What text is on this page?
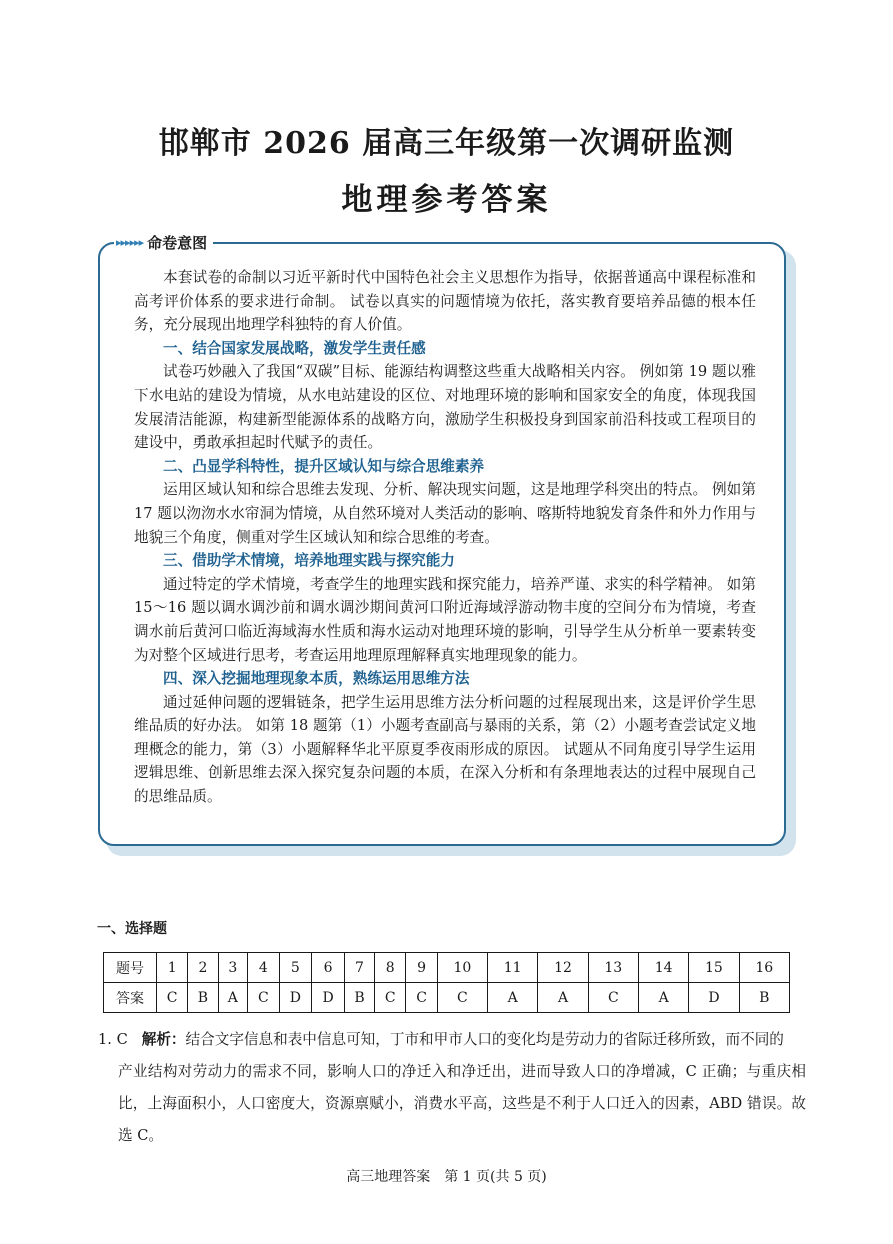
邯郸市 2026 届高三年级第一次调研监测
地理参考答案
▸▸▸▸▸▸ 命卷意图

本套试卷的命制以习近平新时代中国特色社会主义思想作为指导，依据普通高中课程标准和高考评价体系的要求进行命制。 试卷以真实的问题情境为依托，落实教育要培养品德的根本任务，充分展现出地理学科独特的育人价值。

一、结合国家发展战略，激发学生责任感

试卷巧妙融入了我国“双碳”目标、能源结构调整这些重大战略相关内容。 例如第 19 题以雅下水电站的建设为情境，从水电站建设的区位、对地理环境的影响和国家安全的角度，体现我国发展清洁能源，构建新型能源体系的战略方向，激励学生积极投身到国家前沿科技或工程项目的建设中，勇敢承担起时代赋予的责任。

二、凸显学科特性，提升区域认知与综合思维素养

运用区域认知和综合思维去发现、分析、解决现实问题，这是地理学科突出的特点。 例如第 17 题以沕沕水水帘洞为情境，从自然环境对人类活动的影响、喀斯特地貌发育条件和外力作用与地貌三个角度，侧重对学生区域认知和综合思维的考查。

三、借助学术情境，培养地理实践与探究能力

通过特定的学术情境，考查学生的地理实践和探究能力，培养严谨、求实的科学精神。 如第 15～16 题以调水调沙前和调水调沙期间黄河口附近海域浮游动物丰度的空间分布为情境，考查调水前后黄河口临近海域海水性质和海水运动对地理环境的影响，引导学生从分析单一要素转变为对整个区域进行思考，考查运用地理原理解释真实地理现象的能力。

四、深入挖掘地理现象本质，熟练运用思维方法

通过延伸问题的逻辑链条，把学生运用思维方法分析问题的过程展现出来，这是评价学生思维品质的好办法。 如第 18 题第（1）小题考查副高与暴雨的关系，第（2）小题考查尝试定义地理概念的能力，第（3）小题解释华北平原夏季夜雨形成的原因。 试题从不同角度引导学生运用逻辑思维、创新思维去深入探究复杂问题的本质，在深入分析和有条理地表达的过程中展现自己的思维品质。

一、选择题
题号	1	2	3	4	5	6	7	8	9	10	11	12	13	14	15	16
答案	C	B	A	C	D	D	B	C	C	C	A	A	C	A	D	B
1. C 解析：结合文字信息和表中信息可知，丁市和甲市人口的变化均是劳动力的省际迁移所致，而不同的
产业结构对劳动力的需求不同，影响人口的净迁入和净迁出，进而导致人口的净增减，C 正确；与重庆相比，上海面积小，人口密度大，资源禀赋小，消费水平高，这些是不利于人口迁入的因素，ABD 错误。故选 C。
高三地理答案　第 1 页(共 5 页)
